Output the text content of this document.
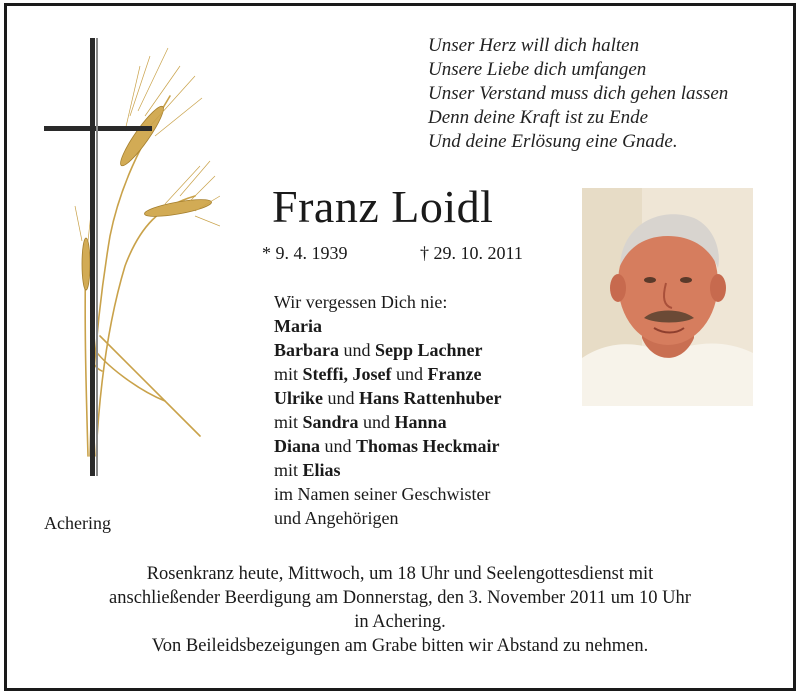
Unser Herz will dich halten
Unsere Liebe dich umfangen
Unser Verstand muss dich gehen lassen
Denn deine Kraft ist zu Ende
Und deine Erlösung eine Gnade.
Franz Loidl
* 9. 4. 1939	† 29. 10. 2011
Wir vergessen Dich nie:
Maria
Barbara und Sepp Lachner
mit Steffi, Josef und Franze
Ulrike und Hans Rattenhuber
mit Sandra und Hanna
Diana und Thomas Heckmair
mit Elias
im Namen seiner Geschwister
und Angehörigen
Achering
Rosenkranz heute, Mittwoch, um 18 Uhr und Seelengottesdienst mit
anschließender Beerdigung am Donnerstag, den 3. November 2011 um 10 Uhr
in Achering.
Von Beileidsbezeigungen am Grabe bitten wir Abstand zu nehmen.
